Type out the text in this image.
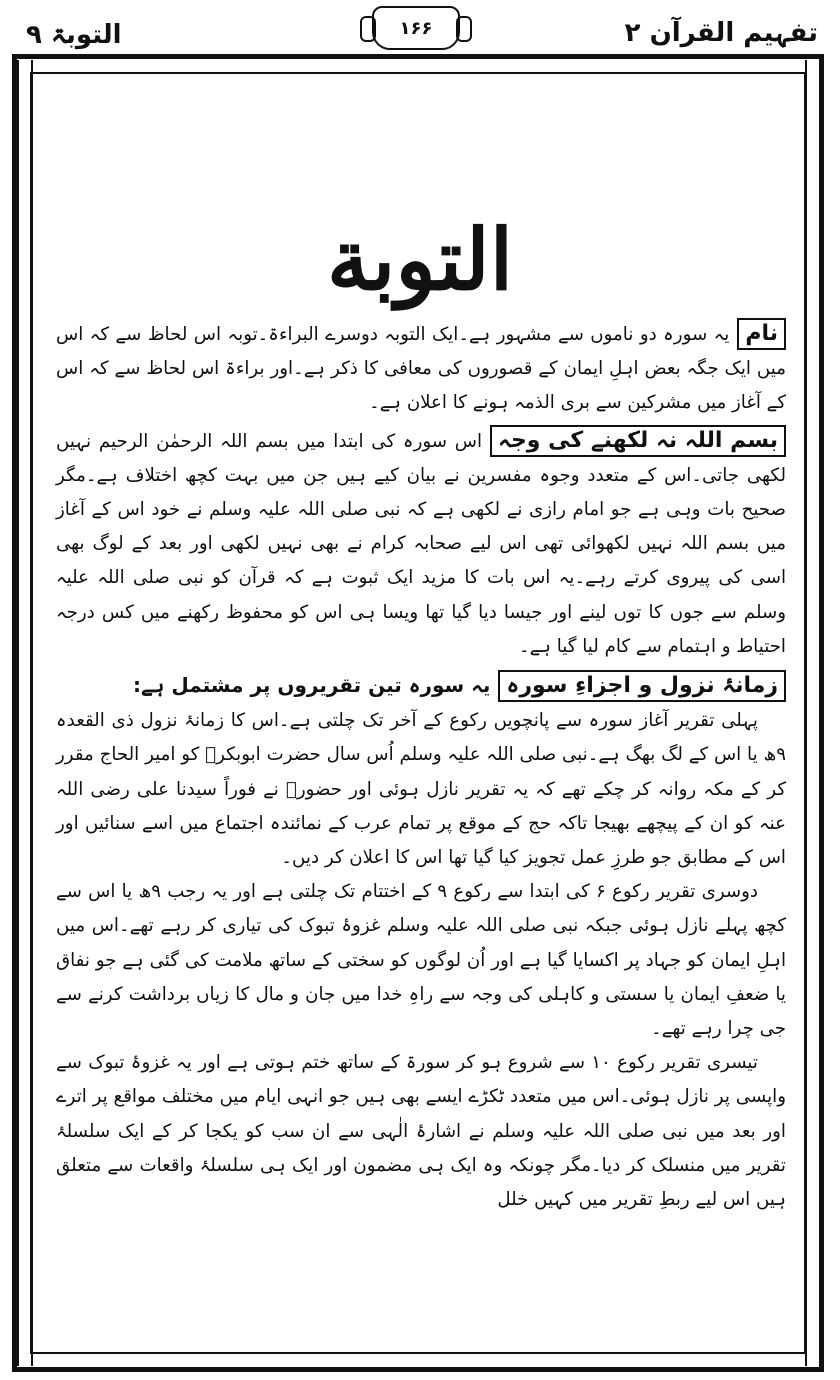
التوبۃ ۹	۱۶۶	تفہیم القرآن ۲
التوبة

نامیہ سورہ دو ناموں سے مشہور ہے۔ایک التوبہ دوسرے البراءۃ۔توبہ اس لحاظ سے کہ اس میں ایک جگہ بعض اہلِ ایمان کے قصوروں کی معافی کا ذکر ہے۔اور براءۃ اس لحاظ سے کہ اس کے آغاز میں مشرکین سے بری الذمہ ہونے کا اعلان ہے۔

بسم اللہ نہ لکھنے کی وجہاس سورہ کی ابتدا میں بسم اللہ الرحمٰن الرحیم نہیں لکھی جاتی۔اس کے متعدد وجوہ مفسرین نے بیان کیے ہیں جن میں بہت کچھ اختلاف ہے۔مگر صحیح بات وہی ہے جو امام رازی نے لکھی ہے کہ نبی صلی اللہ علیہ وسلم نے خود اس کے آغاز میں بسم اللہ نہیں لکھوائی تھی اس لیے صحابہ کرام نے بھی نہیں لکھی اور بعد کے لوگ بھی اسی کی پیروی کرتے رہے۔یہ اس بات کا مزید ایک ثبوت ہے کہ قرآن کو نبی صلی اللہ علیہ وسلم سے جوں کا توں لینے اور جیسا دیا گیا تھا ویسا ہی اس کو محفوظ رکھنے میں کس درجہ احتیاط و اہتمام سے کام لیا گیا ہے۔

زمانۂ نزول و اجزاءِ سورہیہ سورہ تین تقریروں پر مشتمل ہے:

پہلی تقریر آغاز سورہ سے پانچویں رکوع کے آخر تک چلتی ہے۔اس کا زمانۂ نزول ذی القعدہ ۹ھ یا اس کے لگ بھگ ہے۔نبی صلی اللہ علیہ وسلم اُس سال حضرت ابوبکرؓ کو امیر الحاج مقرر کر کے مکہ روانہ کر چکے تھے کہ یہ تقریر نازل ہوئی اور حضورؐ نے فوراً سیدنا علی رضی اللہ عنہ کو ان کے پیچھے بھیجا تاکہ حج کے موقع پر تمام عرب کے نمائندہ اجتماع میں اسے سنائیں اور اس کے مطابق جو طرزِ عمل تجویز کیا گیا تھا اس کا اعلان کر دیں۔

دوسری تقریر رکوع ۶ کی ابتدا سے رکوع ۹ کے اختتام تک چلتی ہے اور یہ رجب ۹ھ یا اس سے کچھ پہلے نازل ہوئی جبکہ نبی صلی اللہ علیہ وسلم غزوۂ تبوک کی تیاری کر رہے تھے۔اس میں اہلِ ایمان کو جہاد پر اکسایا گیا ہے اور اُن لوگوں کو سختی کے ساتھ ملامت کی گئی ہے جو نفاق یا ضعفِ ایمان یا سستی و کاہلی کی وجہ سے راہِ خدا میں جان و مال کا زیاں برداشت کرنے سے جی چرا رہے تھے۔

تیسری تقریر رکوع ۱۰ سے شروع ہو کر سورۃ کے ساتھ ختم ہوتی ہے اور یہ غزوۂ تبوک سے واپسی پر نازل ہوئی۔اس میں متعدد ٹکڑے ایسے بھی ہیں جو انہی ایام میں مختلف مواقع پر اترے اور بعد میں نبی صلی اللہ علیہ وسلم نے اشارۂ الٰہی سے ان سب کو یکجا کر کے ایک سلسلۂ تقریر میں منسلک کر دیا۔مگر چونکہ وہ ایک ہی مضمون اور ایک ہی سلسلۂ واقعات سے متعلق ہیں اس لیے ربطِ تقریر میں کہیں خلل
